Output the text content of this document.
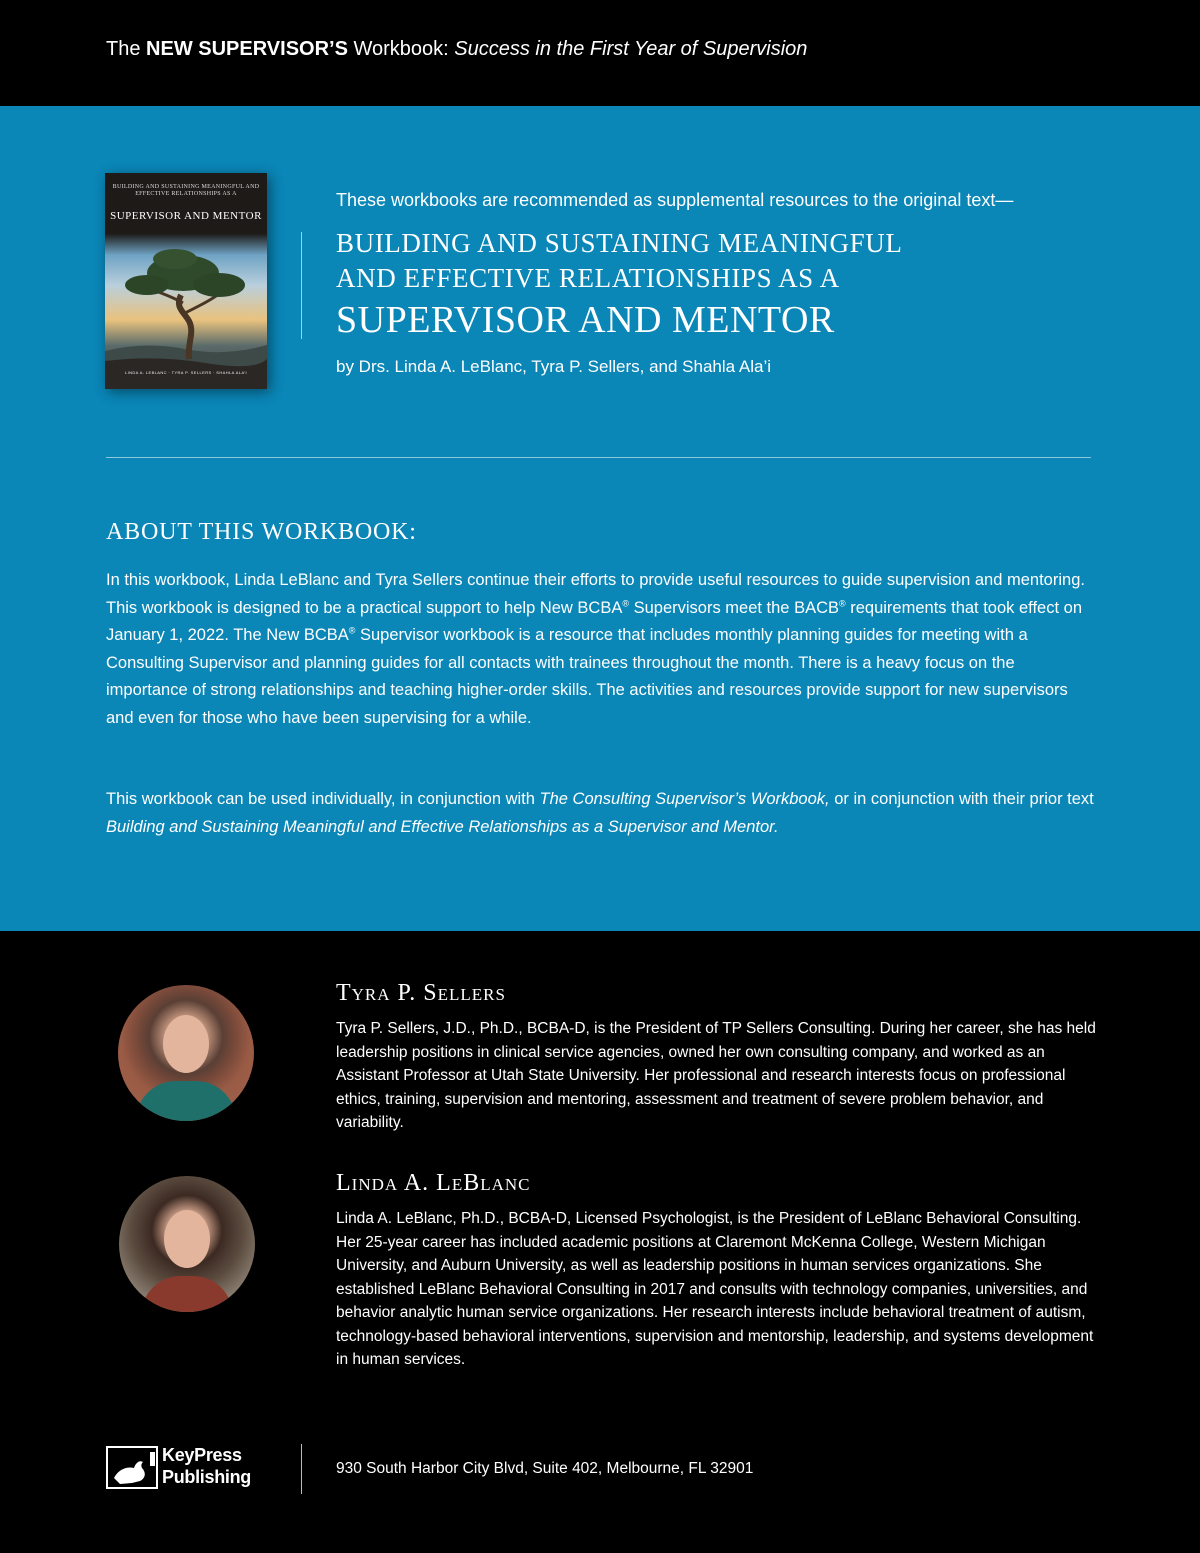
The NEW SUPERVISOR’S Workbook: Success in the First Year of Supervision
BUILDING AND SUSTAINING MEANINGFUL AND EFFECTIVE RELATIONSHIPS AS A
SUPERVISOR AND MENTOR
LINDA A. LEBLANC · TYRA P. SELLERS · SHAHLA ALA’I
These workbooks are recommended as supplemental resources to the original text—
BUILDING AND SUSTAINING MEANINGFUL
AND EFFECTIVE RELATIONSHIPS AS A
SUPERVISOR AND MENTOR
by Drs. Linda A. LeBlanc, Tyra P. Sellers, and Shahla Ala’i
ABOUT THIS WORKBOOK:
In this workbook, Linda LeBlanc and Tyra Sellers continue their efforts to provide useful resources to guide supervision and mentoring. This workbook is designed to be a practical support to help New BCBA® Supervisors meet the BACB® requirements that took effect on January 1, 2022. The New BCBA® Supervisor workbook is a resource that includes monthly planning guides for meeting with a Consulting Supervisor and planning guides for all contacts with trainees throughout the month. There is a heavy focus on the importance of strong relationships and teaching higher-order skills. The activities and resources provide support for new supervisors and even for those who have been supervising for a while.
This workbook can be used individually, in conjunction with The Consulting Supervisor’s Workbook, or in conjunction with their prior text Building and Sustaining Meaningful and Effective Relationships as a Supervisor and Mentor.
Tyra P. Sellers
Tyra P. Sellers, J.D., Ph.D., BCBA-D, is the President of TP Sellers Consulting. During her career, she has held leadership positions in clinical service agencies, owned her own consulting company, and worked as an Assistant Professor at Utah State University. Her professional and research interests focus on professional ethics, training, supervision and mentoring, assessment and treatment of severe problem behavior, and variability.
Linda A. LeBlanc
Linda A. LeBlanc, Ph.D., BCBA-D, Licensed Psychologist, is the President of LeBlanc Behavioral Consulting. Her 25-year career has included academic positions at Claremont McKenna College, Western Michigan University, and Auburn University, as well as leadership positions in human services organizations. She established LeBlanc Behavioral Consulting in 2017 and consults with technology companies, universities, and behavior analytic human service organizations. Her research interests include behavioral treatment of autism, technology-based behavioral interventions, supervision and mentorship, leadership, and systems development in human services.
KeyPress
Publishing	930 South Harbor City Blvd, Suite 402, Melbourne, FL 32901
